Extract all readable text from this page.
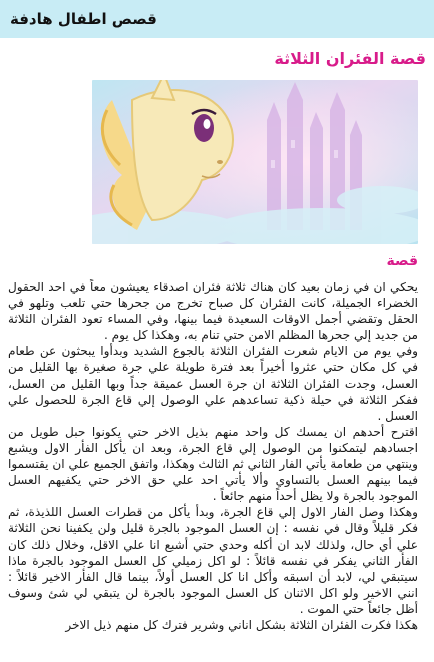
قصص اطفال هادفة
قصة الفئران الثلاثة
قصة

يحكي ان في زمان بعيد كان هناك ثلاثة فئران اصدقاء يعيشون معاً في احد الحقول الخضراء الجميلة، كانت الفئران كل صباح تخرج من جحرها حتي تلعب وتلهو في الحقل وتقضي أجمل الاوقات السعيدة فيما بينها، وفي المساء تعود الفئران الثلاثة من جديد إلي جحرها المظلم الامن حتي تنام به، وهكذا كل يوم .

وفي يوم من الايام شعرت الفئران الثلاثة بالجوع الشديد وبدأوا يبحثون عن طعام في كل مكان حتي عثروا أخيراً بعد فترة طويلة علي جرة صغيرة بها القليل من العسل، وجدت الفئران الثلاثة ان جرة العسل عميقة جداً وبها القليل من العسل، ففكر الثلاثة في حيلة ذكية تساعدهم علي الوصول إلي قاع الجرة للحصول علي العسل .

اقترح أحدهم ان يمسك كل واحد منهم بذيل الاخر حتي يكونوا حبل طويل من اجسادهم ليتمكنوا من الوصول إلي قاع الجرة، وبعد ان يأكل الفأر الاول ويشبع وينتهي من طعامة يأتي الفار الثاني ثم الثالث وهكذا، واتفق الجميع علي ان يقتسموا فيما بينهم العسل بالتساوي وألا يأتي احد علي حق الاخر حتي يكفيهم العسل الموجود بالجرة ولا يظل أحداً منهم جائعاً .

وهكذا وصل الفار الاول إلي قاع الجرة، وبدأ يأكل من قطرات العسل اللذيذة، ثم فكر قليلاً وقال في نفسه : إن العسل الموجود بالجرة قليل ولن يكفينا نحن الثلاثة علي أي حال، ولذلك لابد ان أكله وحدي حتي أشبع انا علي الاقل، وخلال ذلك كان الفأر الثاني يفكر في نفسه قائلاً : لو اكل زميلي كل العسل الموجود بالجرة ماذا سيتبقي لي، لابد أن اسبقه وأكل انا كل العسل أولاً، بينما قال الفأر الاخير قائلاً : انني الاخير ولو اكل الاثنان كل العسل الموجود بالجرة لن يتبقي لي شئ وسوف أظل جائعاً حتي الموت .

هكذا فكرت الفئران الثلاثة بشكل اناني وشرير فترك كل منهم ذيل الاخر
